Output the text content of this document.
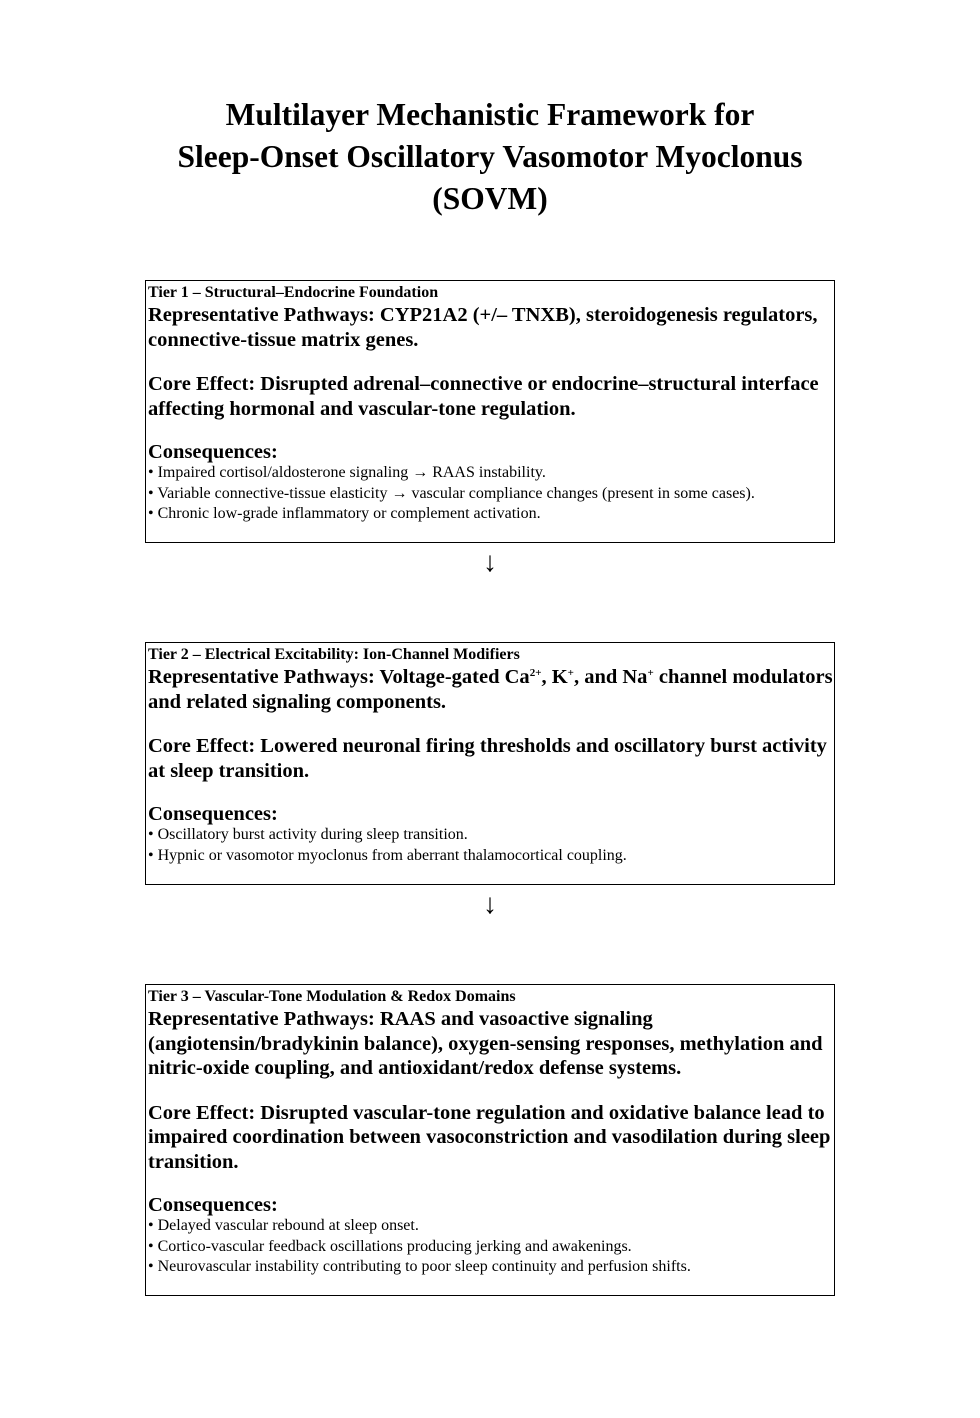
Multilayer Mechanistic Framework for
Sleep-Onset Oscillatory Vasomotor Myoclonus
(SOVM)
Tier 1 – Structural–Endocrine Foundation
Representative Pathways: CYP21A2 (+/– TNXB), steroidogenesis regulators, connective-tissue matrix genes.
Core Effect: Disrupted adrenal–connective or endocrine–structural interface affecting hormonal and vascular-tone regulation.
Consequences:
• Impaired cortisol/aldosterone signaling → RAAS instability.
• Variable connective-tissue elasticity → vascular compliance changes (present in some cases).
• Chronic low-grade inflammatory or complement activation.
↓
Tier 2 – Electrical Excitability: Ion-Channel Modifiers
Representative Pathways: Voltage-gated $Ca^{2+}$, K+, and Na+ channel modulators and related signaling components.
Core Effect: Lowered neuronal firing thresholds and oscillatory burst activity at sleep transition.
Consequences:
• Oscillatory burst activity during sleep transition.
• Hypnic or vasomotor myoclonus from aberrant thalamocortical coupling.
↓
Tier 3 – Vascular-Tone Modulation & Redox Domains
Representative Pathways: RAAS and vasoactive signaling (angiotensin/bradykinin balance), oxygen-sensing responses, methylation and nitric-oxide coupling, and antioxidant/redox defense systems.
Core Effect: Disrupted vascular-tone regulation and oxidative balance lead to impaired coordination between vasoconstriction and vasodilation during sleep transition.
Consequences:
• Delayed vascular rebound at sleep onset.
• Cortico-vascular feedback oscillations producing jerking and awakenings.
• Neurovascular instability contributing to poor sleep continuity and perfusion shifts.
